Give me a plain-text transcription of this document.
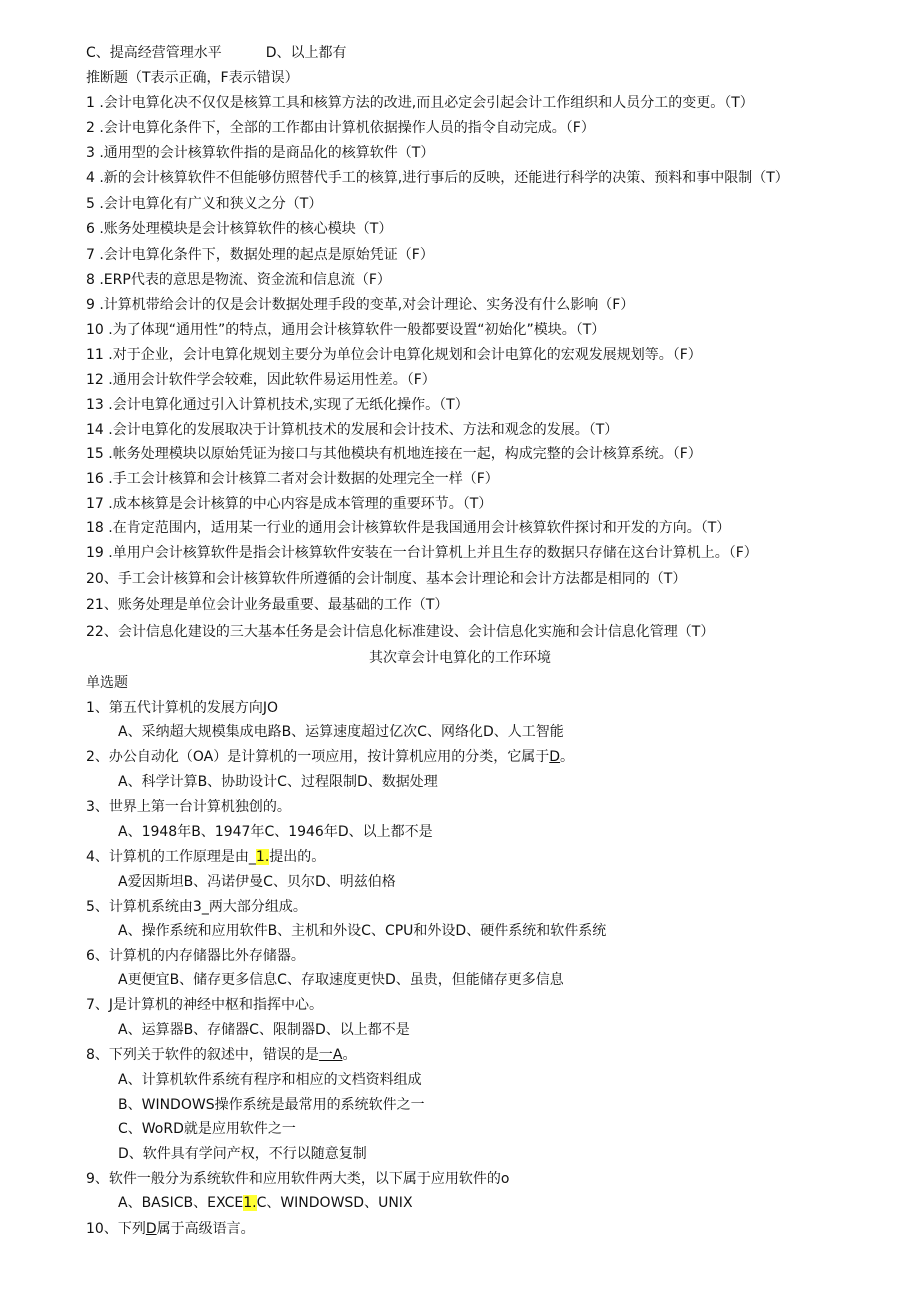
C、提高经营管理水平	D、以上都有
推断题（T表示正确，F表示错误）
1 .会计电算化决不仅仅是核算工具和核算方法的改进,而且必定会引起会计工作组织和人员分工的变更。（T）
2 .会计电算化条件下，全部的工作都由计算机依据操作人员的指令自动完成。（F）
3 .通用型的会计核算软件指的是商品化的核算软件（T）
4 .新的会计核算软件不但能够仿照替代手工的核算,进行事后的反映，还能进行科学的决策、预料和事中限制（T）
5 .会计电算化有广义和狭义之分（T）
6 .账务处理模块是会计核算软件的核心模块（T）
7 .会计电算化条件下，数据处理的起点是原始凭证（F）
8 .ERP代表的意思是物流、资金流和信息流（F）
9 .计算机带给会计的仅是会计数据处理手段的变革,对会计理论、实务没有什么影响（F）
10 .为了体现“通用性”的特点，通用会计核算软件一般都要设置“初始化”模块。（T）
11 .对于企业，会计电算化规划主要分为单位会计电算化规划和会计电算化的宏观发展规划等。（F）
12 .通用会计软件学会较难，因此软件易运用性差。（F）
13 .会计电算化通过引入计算机技术,实现了无纸化操作。（T）
14 .会计电算化的发展取决于计算机技术的发展和会计技术、方法和观念的发展。（T）
15 .帐务处理模块以原始凭证为接口与其他模块有机地连接在一起，构成完整的会计核算系统。（F）
16 .手工会计核算和会计核算二者对会计数据的处理完全一样（F）
17 .成本核算是会计核算的中心内容是成本管理的重要环节。（T）
18 .在肯定范围内，适用某一行业的通用会计核算软件是我国通用会计核算软件探讨和开发的方向。（T）
19 .单用户会计核算软件是指会计核算软件安装在一台计算机上并且生存的数据只存储在这台计算机上。（F）
20、手工会计核算和会计核算软件所遵循的会计制度、基本会计理论和会计方法都是相同的（T）
21、账务处理是单位会计业务最重要、最基础的工作（T）
22、会计信息化建设的三大基本任务是会计信息化标准建设、会计信息化实施和会计信息化管理（T）
其次章会计电算化的工作环境
单选题
1、第五代计算机的发展方向JO
A、采纳超大规模集成电路B、运算速度超过亿次C、网络化D、人工智能
2、办公自动化（OA）是计算机的一项应用，按计算机应用的分类，它属于D。
A、科学计算B、协助设计C、过程限制D、数据处理
3、世界上第一台计算机独创的。
A、1948年B、1947年C、1946年D、以上都不是
4、计算机的工作原理是由_1.提出的。
A爱因斯坦B、冯诺伊曼C、贝尔D、明兹伯格
5、计算机系统由3_两大部分组成。
A、操作系统和应用软件B、主机和外设C、CPU和外设D、硬件系统和软件系统
6、计算机的内存储器比外存储器。
A更便宜B、储存更多信息C、存取速度更快D、虽贵，但能储存更多信息
7、J是计算机的神经中枢和指挥中心。
A、运算器B、存储器C、限制器D、以上都不是
8、下列关于软件的叙述中，错误的是一A。
A、计算机软件系统有程序和相应的文档资料组成
B、WINDOWS操作系统是最常用的系统软件之一
C、WoRD就是应用软件之一
D、软件具有学问产权，不行以随意复制
9、软件一般分为系统软件和应用软件两大类，以下属于应用软件的o
A、BASICB、EXCE1.C、WINDOWSD、UNIX
10、下列D属于高级语言。
